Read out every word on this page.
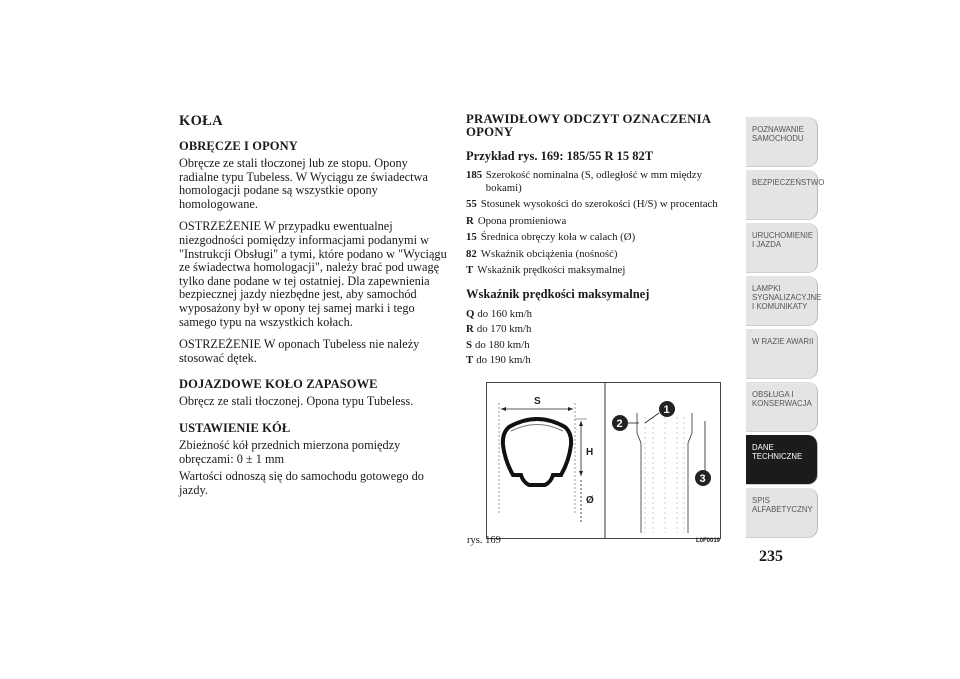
KOŁA
OBRĘCZE I OPONY
Obręcze ze stali tłoczonej lub ze stopu. Opony radialne typu Tubeless. W Wyciągu ze świadectwa homologacji podane są wszystkie opony homologowane.
OSTRZEŻENIE W przypadku ewentualnej niezgodności pomiędzy informacjami podanymi w "Instrukcji Obsługi" a tymi, które podano w "Wyciągu ze świadectwa homologacji", należy brać pod uwagę tylko dane podane w tej ostatniej. Dla zapewnienia bezpiecznej jazdy niezbędne jest, aby samochód wyposażony był w opony tej samej marki i tego samego typu na wszystkich kołach.
OSTRZEŻENIE W oponach Tubeless nie należy stosować dętek.
DOJAZDOWE KOŁO ZAPASOWE
Obręcz ze stali tłoczonej. Opona typu Tubeless.
USTAWIENIE KÓŁ
Zbieżność kół przednich mierzona pomiędzy obręczami: 0 ± 1 mm
Wartości odnoszą się do samochodu gotowego do jazdy.
PRAWIDŁOWY ODCZYT OZNACZENIA OPONY
Przykład rys. 169: 185/55 R 15 82T
185 Szerokość nominalna (S, odległość w mm między bokami)
55 Stosunek wysokości do szerokości (H/S) w procentach
R Opona promieniowa
15 Średnica obręczy koła w calach (Ø)
82 Wskaźnik obciążenia (nośność)
T Wskaźnik prędkości maksymalnej
Wskaźnik prędkości maksymalnej
Q do 160 km/h
R do 170 km/h
S do 180 km/h
T do 190 km/h
S
H
Ø
1
2
3
rys. 169	L0F0019
POZNAWANIE SAMOCHODU
BEZPIECZEŃSTWO
URUCHOMIENIE I JAZDA
LAMPKI SYGNALIZACYJNE I KOMUNIKATY
W RAZIE AWARII
OBSŁUGA I KONSERWACJA
DANE TECHNICZNE
SPIS ALFABETYCZNY
235
